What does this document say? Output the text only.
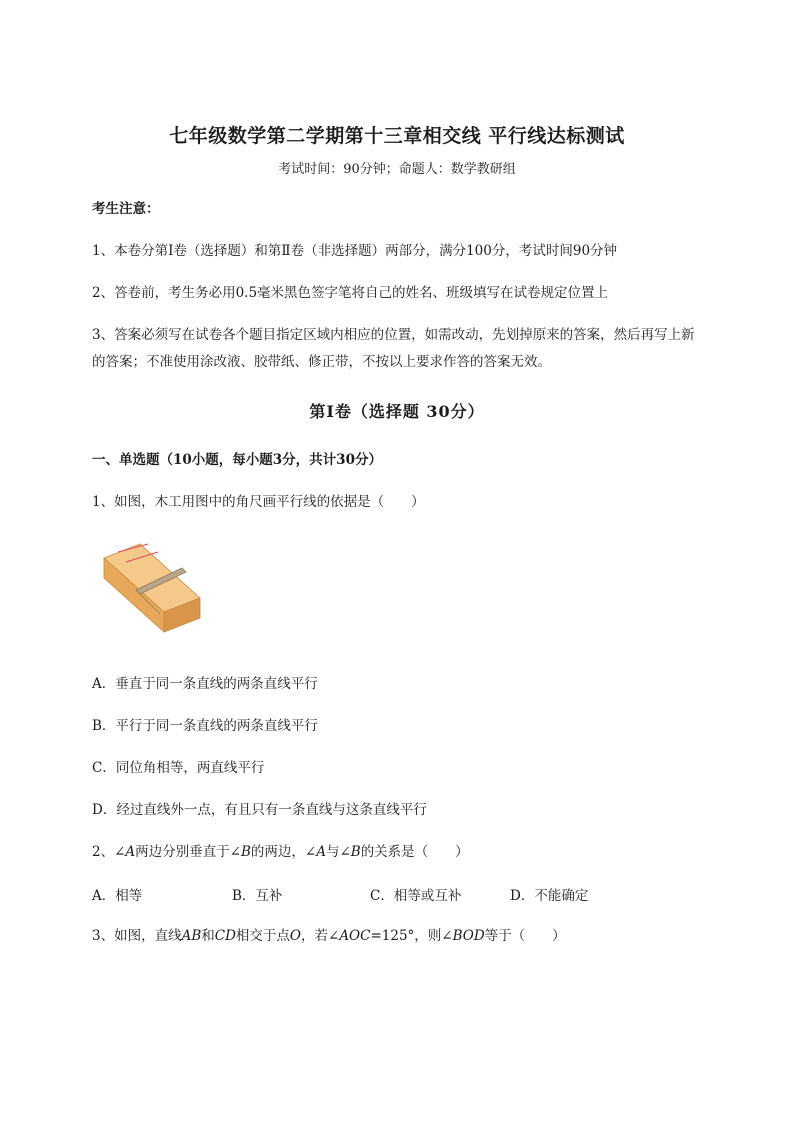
七年级数学第二学期第十三章相交线 平行线达标测试
考试时间：90分钟；命题人：数学教研组
考生注意：
1、本卷分第I卷（选择题）和第Ⅱ卷（非选择题）两部分，满分100分，考试时间90分钟
2、答卷前，考生务必用0.5毫米黑色签字笔将自己的姓名、班级填写在试卷规定位置上
3、答案必须写在试卷各个题目指定区域内相应的位置，如需改动，先划掉原来的答案，然后再写上新
的答案；不准使用涂改液、胶带纸、修正带，不按以上要求作答的答案无效。
第I卷（选择题 30分）
一、单选题（10小题，每小题3分，共计30分）
1、如图，木工用图中的角尺画平行线的依据是（　　）
A．垂直于同一条直线的两条直线平行
B．平行于同一条直线的两条直线平行
C．同位角相等，两直线平行
D．经过直线外一点，有且只有一条直线与这条直线平行
2、∠A两边分别垂直于∠B的两边，∠A与∠B的关系是（　　）
A．相等	B．互补	C．相等或互补	D．不能确定
3、如图，直线AB和CD相交于点O，若∠AOC=125°，则∠BOD等于（　　）
